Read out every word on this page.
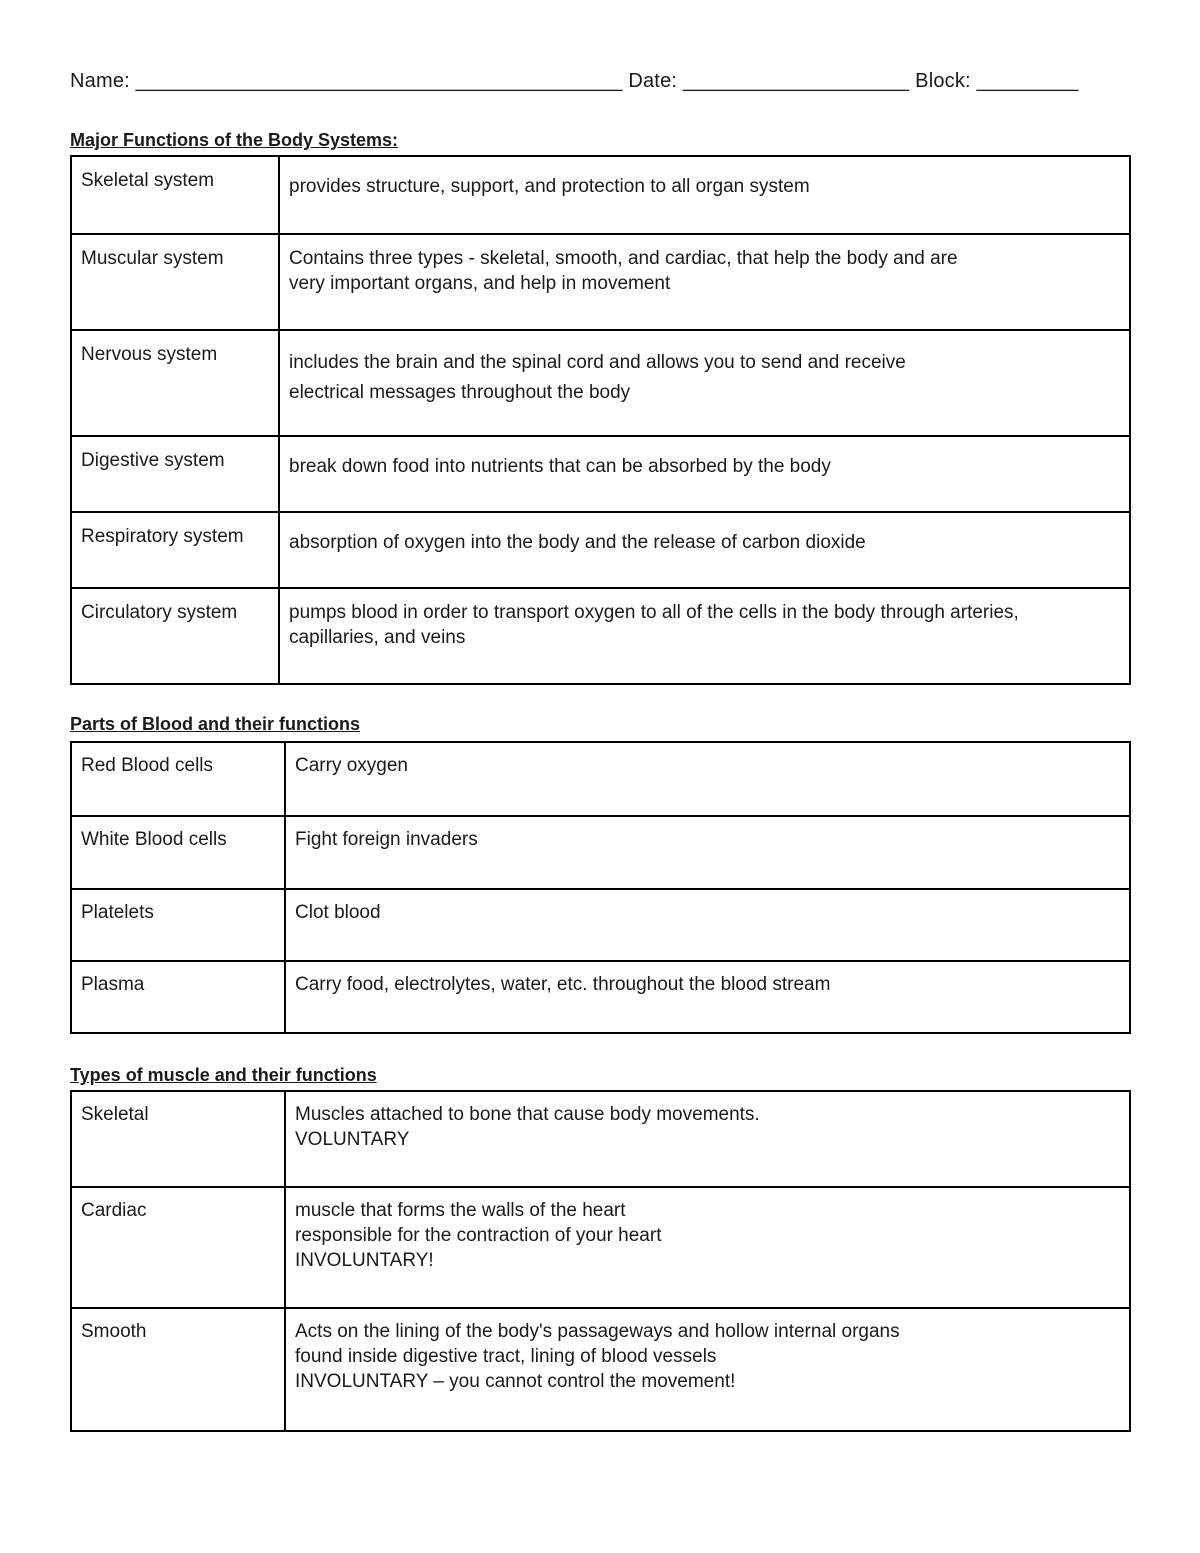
Name: ___________________________________________ Date: ____________________ Block: _________
Major Functions of the Body Systems:
Skeletal system	provides structure, support, and protection to all organ system
Muscular system	Contains three types - skeletal, smooth, and cardiac, that help the body and are
very important organs, and help in movement
Nervous system	includes the brain and the spinal cord and allows you to send and receive
electrical messages throughout the body
Digestive system	break down food into nutrients that can be absorbed by the body
Respiratory system	absorption of oxygen into the body and the release of carbon dioxide
Circulatory system	pumps blood in order to transport oxygen to all of the cells in the body through arteries,
capillaries, and veins
Parts of Blood and their functions
Red Blood cells	Carry oxygen
White Blood cells	Fight foreign invaders
Platelets	Clot blood
Plasma	Carry food, electrolytes, water, etc. throughout the blood stream
Types of muscle and their functions
Skeletal	Muscles attached to bone that cause body movements.
VOLUNTARY
Cardiac	muscle that forms the walls of the heart
responsible for the contraction of your heart
INVOLUNTARY!
Smooth	Acts on the lining of the body's passageways and hollow internal organs
found inside digestive tract, lining of blood vessels
INVOLUNTARY – you cannot control the movement!
